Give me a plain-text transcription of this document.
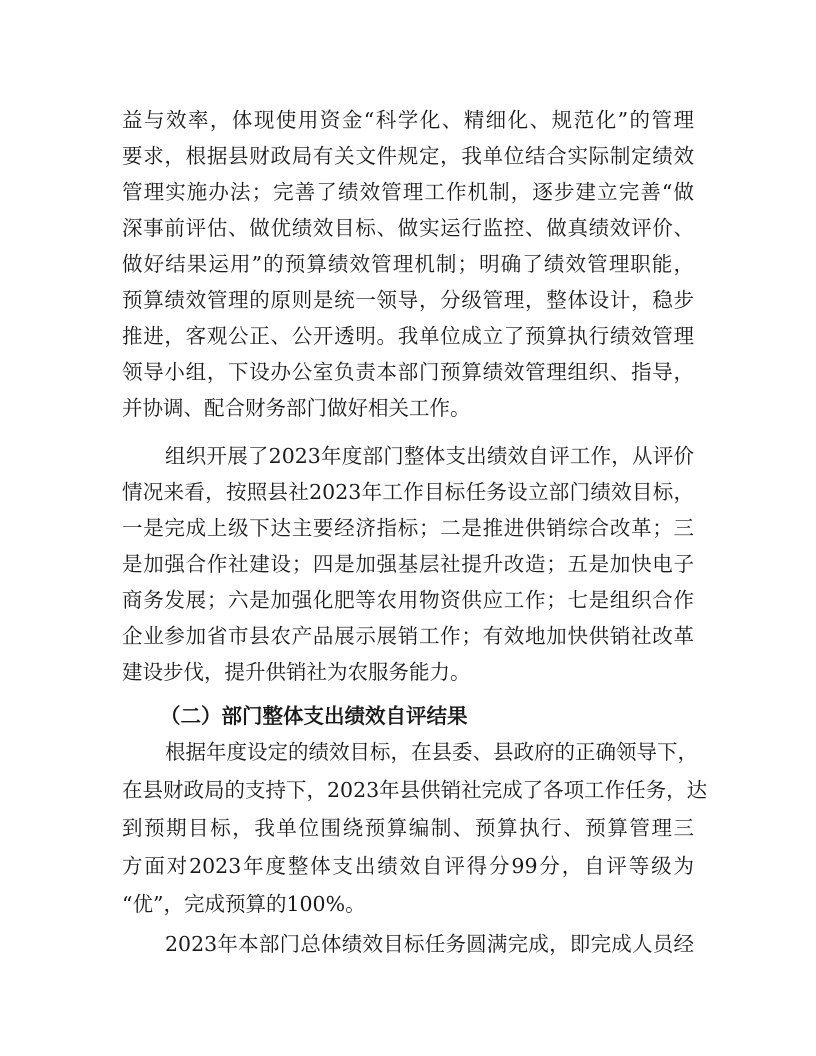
益与效率，体现使用资金“科学化、精细化、规范化”的管理
要求，根据县财政局有关文件规定，我单位结合实际制定绩效
管理实施办法；完善了绩效管理工作机制，逐步建立完善“做
深事前评估、做优绩效目标、做实运行监控、做真绩效评价、
做好结果运用”的预算绩效管理机制；明确了绩效管理职能，
预算绩效管理的原则是统一领导，分级管理，整体设计，稳步
推进，客观公正、公开透明。我单位成立了预算执行绩效管理
领导小组，下设办公室负责本部门预算绩效管理组织、指导，
并协调、配合财务部门做好相关工作。
组织开展了2023年度部门整体支出绩效自评工作，从评价
情况来看，按照县社2023年工作目标任务设立部门绩效目标，
一是完成上级下达主要经济指标；二是推进供销综合改革；三
是加强合作社建设；四是加强基层社提升改造；五是加快电子
商务发展；六是加强化肥等农用物资供应工作；七是组织合作
企业参加省市县农产品展示展销工作；有效地加快供销社改革
建设步伐，提升供销社为农服务能力。
（二）部门整体支出绩效自评结果
根据年度设定的绩效目标，在县委、县政府的正确领导下，
在县财政局的支持下，2023年县供销社完成了各项工作任务，达
到预期目标，我单位围绕预算编制、预算执行、预算管理三
方面对2023年度整体支出绩效自评得分99分，自评等级为
“优”，完成预算的100%。
2023年本部门总体绩效目标任务圆满完成，即完成人员经
